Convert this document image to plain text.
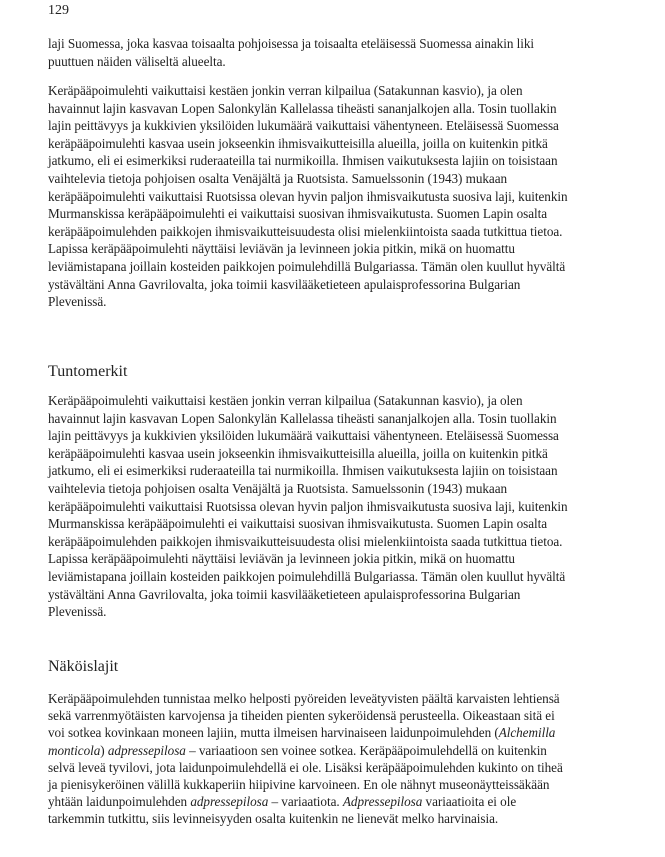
129

laji Suomessa, joka kasvaa toisaalta pohjoisessa ja toisaalta eteläisessä Suomessa ainakin liki
puuttuen näiden väliseltä alueelta.

Keräpääpoimulehti vaikuttaisi kestäen jonkin verran kilpailua (Satakunnan kasvio), ja olen
havainnut lajin kasvavan Lopen Salonkylän Kallelassa tiheästi sananjalkojen alla. Tosin tuollakin
lajin peittävyys ja kukkivien yksilöiden lukumäärä vaikuttaisi vähentyneen. Eteläisessä Suomessa
keräpääpoimulehti kasvaa usein jokseenkin ihmisvaikutteisilla alueilla, joilla on kuitenkin pitkä
jatkumo, eli ei esimerkiksi ruderaateilla tai nurmikoilla. Ihmisen vaikutuksesta lajiin on toisistaan
vaihtelevia tietoja pohjoisen osalta Venäjältä ja Ruotsista. Samuelssonin (1943) mukaan
keräpääpoimulehti vaikuttaisi Ruotsissa olevan hyvin paljon ihmisvaikutusta suosiva laji, kuitenkin
Murmanskissa keräpääpoimulehti ei vaikuttaisi suosivan ihmisvaikutusta. Suomen Lapin osalta
keräpääpoimulehden paikkojen ihmisvaikutteisuudesta olisi mielenkiintoista saada tutkittua tietoa.
Lapissa keräpääpoimulehti näyttäisi leviävän ja levinneen jokia pitkin, mikä on huomattu
leviämistapana joillain kosteiden paikkojen poimulehdillä Bulgariassa. Tämän olen kuullut hyvältä
ystävältäni Anna Gavrilovalta, joka toimii kasvilääketieteen apulaisprofessorina Bulgarian
Plevenissä.

Tuntomerkit

Keräpääpoimulehti vaikuttaisi kestäen jonkin verran kilpailua (Satakunnan kasvio), ja olen
havainnut lajin kasvavan Lopen Salonkylän Kallelassa tiheästi sananjalkojen alla. Tosin tuollakin
lajin peittävyys ja kukkivien yksilöiden lukumäärä vaikuttaisi vähentyneen. Eteläisessä Suomessa
keräpääpoimulehti kasvaa usein jokseenkin ihmisvaikutteisilla alueilla, joilla on kuitenkin pitkä
jatkumo, eli ei esimerkiksi ruderaateilla tai nurmikoilla. Ihmisen vaikutuksesta lajiin on toisistaan
vaihtelevia tietoja pohjoisen osalta Venäjältä ja Ruotsista. Samuelssonin (1943) mukaan
keräpääpoimulehti vaikuttaisi Ruotsissa olevan hyvin paljon ihmisvaikutusta suosiva laji, kuitenkin
Murmanskissa keräpääpoimulehti ei vaikuttaisi suosivan ihmisvaikutusta. Suomen Lapin osalta
keräpääpoimulehden paikkojen ihmisvaikutteisuudesta olisi mielenkiintoista saada tutkittua tietoa.
Lapissa keräpääpoimulehti näyttäisi leviävän ja levinneen jokia pitkin, mikä on huomattu
leviämistapana joillain kosteiden paikkojen poimulehdillä Bulgariassa. Tämän olen kuullut hyvältä
ystävältäni Anna Gavrilovalta, joka toimii kasvilääketieteen apulaisprofessorina Bulgarian
Plevenissä.

Näköislajit

Keräpääpoimulehden tunnistaa melko helposti pyöreiden leveätyvisten päältä karvaisten lehtiensä
sekä varrenmyötäisten karvojensa ja tiheiden pienten sykeröidensä perusteella. Oikeastaan sitä ei
voi sotkea kovinkaan moneen lajiin, mutta ilmeisen harvinaiseen laidunpoimulehden (Alchemilla
monticola) adpressepilosa – variaatioon sen voinee sotkea. Keräpääpoimulehdellä on kuitenkin
selvä leveä tyvilovi, jota laidunpoimulehdellä ei ole. Lisäksi keräpääpoimulehden kukinto on tiheä
ja pienisykeröinen välillä kukkaperiin hiipivine karvoineen. En ole nähnyt museonäytteissäkään
yhtään laidunpoimulehden adpressepilosa – variaatiota. Adpressepilosa variaatioita ei ole
tarkemmin tutkittu, siis levinneisyyden osalta kuitenkin ne lienevät melko harvinaisia.
